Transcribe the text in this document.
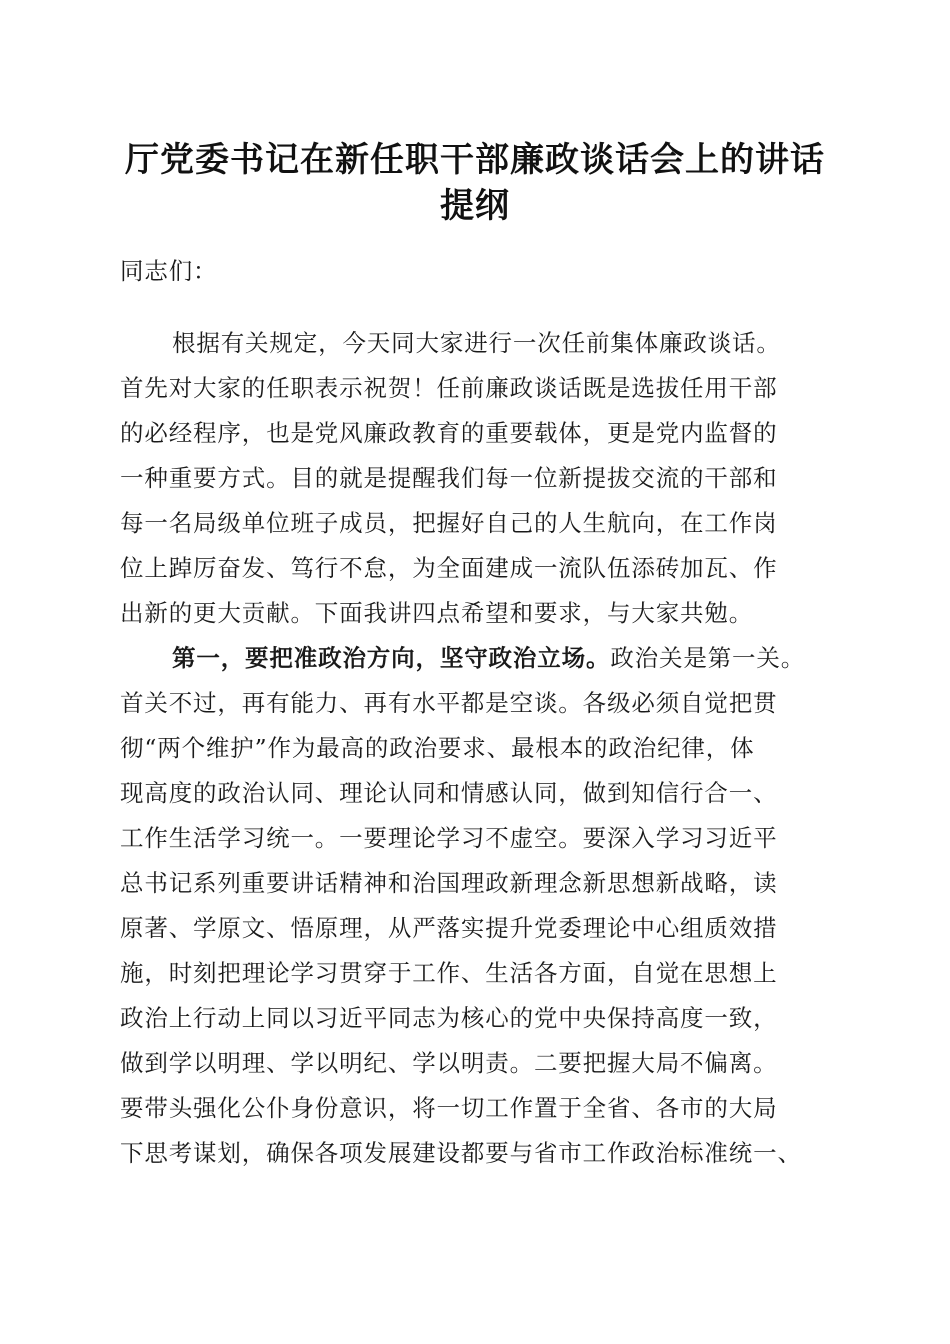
厅党委书记在新任职干部廉政谈话会上的讲话
提纲
同志们：
根据有关规定，今天同大家进行一次任前集体廉政谈话。
首先对大家的任职表示祝贺！任前廉政谈话既是选拔任用干部
的必经程序，也是党风廉政教育的重要载体，更是党内监督的
一种重要方式。目的就是提醒我们每一位新提拔交流的干部和
每一名局级单位班子成员，把握好自己的人生航向，在工作岗
位上踔厉奋发、笃行不怠，为全面建成一流队伍添砖加瓦、作
出新的更大贡献。下面我讲四点希望和要求，与大家共勉。
第一，要把准政治方向，坚守政治立场。政治关是第一关。
首关不过，再有能力、再有水平都是空谈。各级必须自觉把贯
彻“两个维护”作为最高的政治要求、最根本的政治纪律，体
现高度的政治认同、理论认同和情感认同，做到知信行合一、
工作生活学习统一。一要理论学习不虚空。要深入学习习近平
总书记系列重要讲话精神和治国理政新理念新思想新战略，读
原著、学原文、悟原理，从严落实提升党委理论中心组质效措
施，时刻把理论学习贯穿于工作、生活各方面，自觉在思想上
政治上行动上同以习近平同志为核心的党中央保持高度一致，
做到学以明理、学以明纪、学以明责。二要把握大局不偏离。
要带头强化公仆身份意识，将一切工作置于全省、各市的大局
下思考谋划，确保各项发展建设都要与省市工作政治标准统一、
